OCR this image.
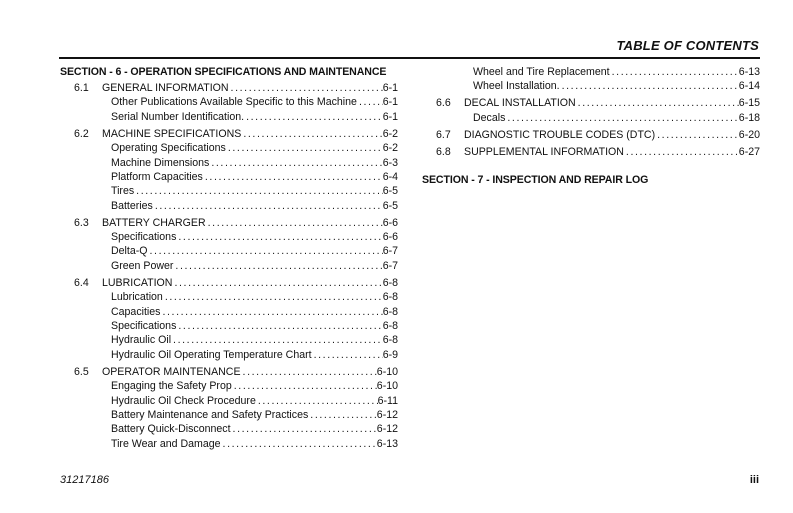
TABLE OF CONTENTS
SECTION - 6 - OPERATION SPECIFICATIONS AND MAINTENANCE
6.1	GENERAL INFORMATION .....	6-1
Other Publications Available Specific to this Machine ..... 6-1
Serial Number Identification. .....	6-1
6.2	MACHINE SPECIFICATIONS .....	6-2
Operating Specifications .....	6-2
Machine Dimensions .....	6-3
Platform Capacities .....	6-4
Tires .....	6-5
Batteries .....	6-5
6.3	BATTERY CHARGER .....	6-6
Specifications .....	6-6
Delta-Q .....	6-7
Green Power .....	6-7
6.4	LUBRICATION .....	6-8
Lubrication .....	6-8
Capacities .....	6-8
Specifications .....	6-8
Hydraulic Oil .....	6-8
Hydraulic Oil Operating Temperature Chart .....	6-9
6.5	OPERATOR MAINTENANCE .....	6-10
Engaging the Safety Prop .....	6-10
Hydraulic Oil Check Procedure .....	6-11
Battery Maintenance and Safety Practices .....	6-12
Battery Quick-Disconnect .....	6-12
Tire Wear and Damage .....	6-13
Wheel and Tire Replacement .....	6-13
Wheel Installation. .....	6-14
6.6	DECAL INSTALLATION .....	6-15
Decals .....	6-18
6.7	DIAGNOSTIC TROUBLE CODES (DTC) .....	6-20
6.8	SUPPLEMENTAL INFORMATION .....	6-27
SECTION - 7 - INSPECTION AND REPAIR LOG
31217186	iii
